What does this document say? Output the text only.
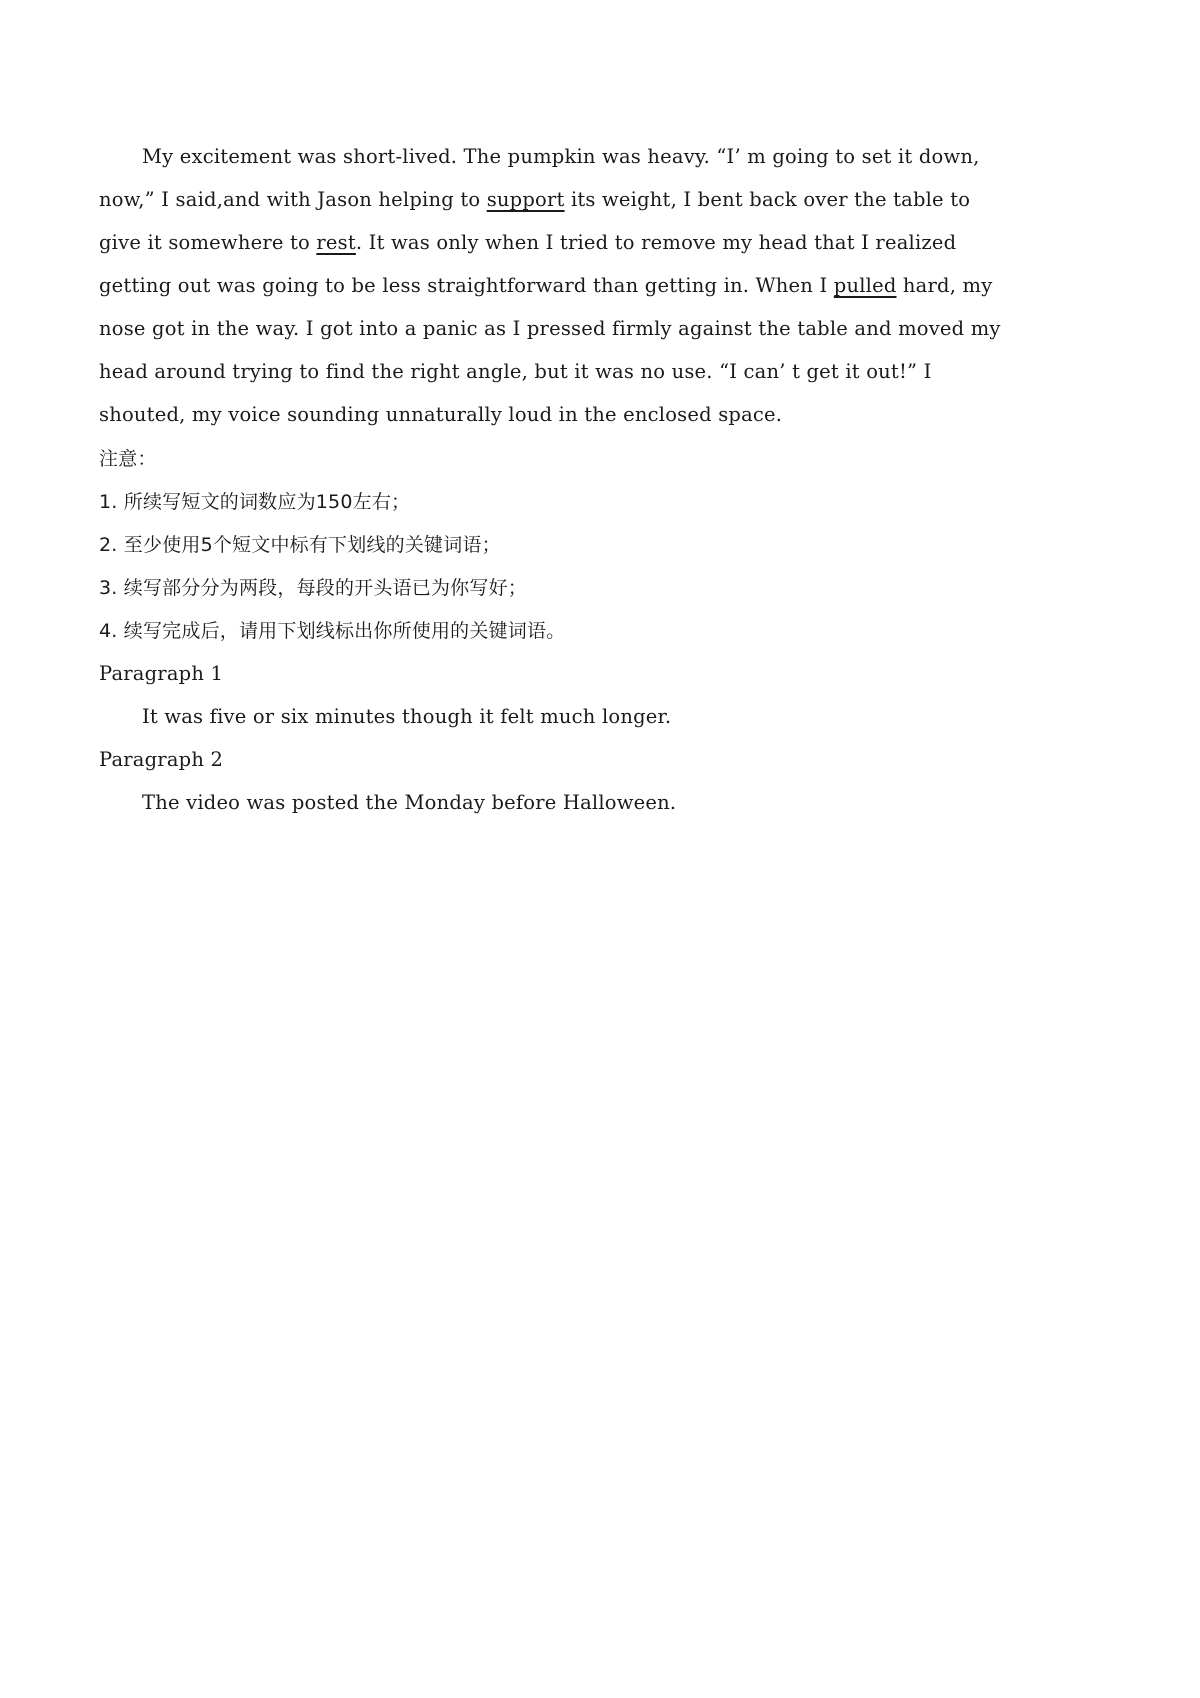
My excitement was short-lived. The pumpkin was heavy. “I’ m going to set it down,
now,” I said,and with Jason helping to support its weight, I bent back over the table to
give it somewhere to rest. It was only when I tried to remove my head that I realized
getting out was going to be less straightforward than getting in. When I pulled hard, my
nose got in the way. I got into a panic as I pressed firmly against the table and moved my
head around trying to find the right angle, but it was no use. “I can’ t get it out!” I
shouted, my voice sounding unnaturally loud in the enclosed space.
注意：
1. 所续写短文的词数应为150左右；
2. 至少使用5个短文中标有下划线的关键词语；
3. 续写部分分为两段，每段的开头语已为你写好；
4. 续写完成后，请用下划线标出你所使用的关键词语。
Paragraph 1
It was five or six minutes though it felt much longer.
Paragraph 2
The video was posted the Monday before Halloween.
